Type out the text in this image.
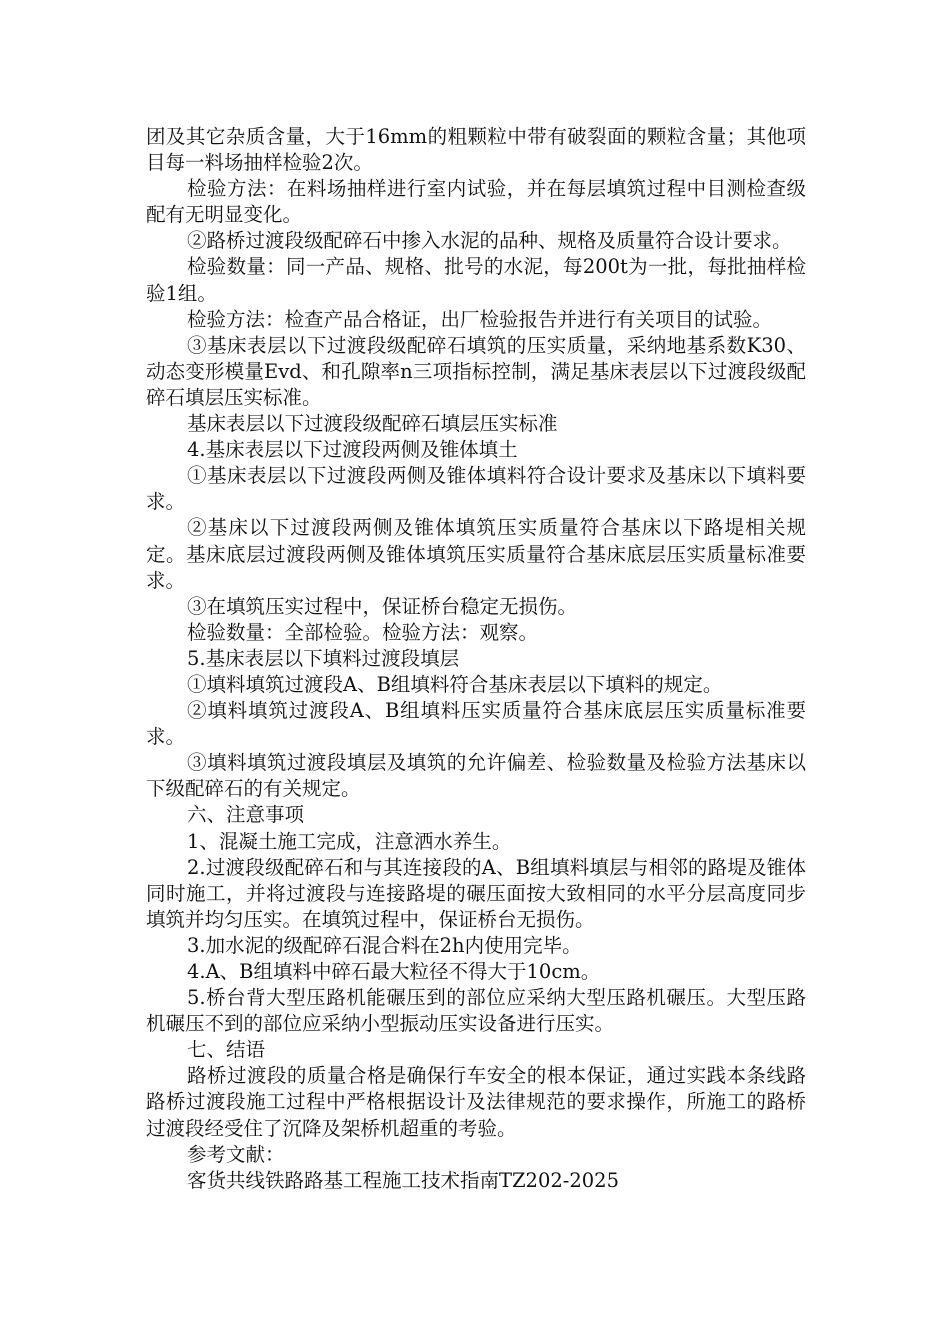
团及其它杂质含量，大于16mm的粗颗粒中带有破裂面的颗粒含量；其他项目每一料场抽样检验2次。

检验方法：在料场抽样进行室内试验，并在每层填筑过程中目测检查级配有无明显变化。

②路桥过渡段级配碎石中掺入水泥的品种、规格及质量符合设计要求。

检验数量：同一产品、规格、批号的水泥，每200t为一批，每批抽样检验1组。

检验方法：检查产品合格证，出厂检验报告并进行有关项目的试验。

③基床表层以下过渡段级配碎石填筑的压实质量，采纳地基系数K30、动态变形模量Evd、和孔隙率n三项指标控制，满足基床表层以下过渡段级配碎石填层压实标准。

基床表层以下过渡段级配碎石填层压实标准

4.基床表层以下过渡段两侧及锥体填土

①基床表层以下过渡段两侧及锥体填料符合设计要求及基床以下填料要求。

②基床以下过渡段两侧及锥体填筑压实质量符合基床以下路堤相关规定。基床底层过渡段两侧及锥体填筑压实质量符合基床底层压实质量标准要求。

③在填筑压实过程中，保证桥台稳定无损伤。

检验数量：全部检验。检验方法：观察。

5.基床表层以下填料过渡段填层

①填料填筑过渡段A、B组填料符合基床表层以下填料的规定。

②填料填筑过渡段A、B组填料压实质量符合基床底层压实质量标准要求。

③填料填筑过渡段填层及填筑的允许偏差、检验数量及检验方法基床以下级配碎石的有关规定。

六、注意事项

1、混凝土施工完成，注意洒水养生。

2.过渡段级配碎石和与其连接段的A、B组填料填层与相邻的路堤及锥体同时施工，并将过渡段与连接路堤的碾压面按大致相同的水平分层高度同步填筑并均匀压实。在填筑过程中，保证桥台无损伤。

3.加水泥的级配碎石混合料在2h内使用完毕。

4.A、B组填料中碎石最大粒径不得大于10cm。

5.桥台背大型压路机能碾压到的部位应采纳大型压路机碾压。大型压路机碾压不到的部位应采纳小型振动压实设备进行压实。

七、结语

路桥过渡段的质量合格是确保行车安全的根本保证，通过实践本条线路路桥过渡段施工过程中严格根据设计及法律规范的要求操作，所施工的路桥过渡段经受住了沉降及架桥机超重的考验。

参考文献：

客货共线铁路路基工程施工技术指南TZ202-2025
